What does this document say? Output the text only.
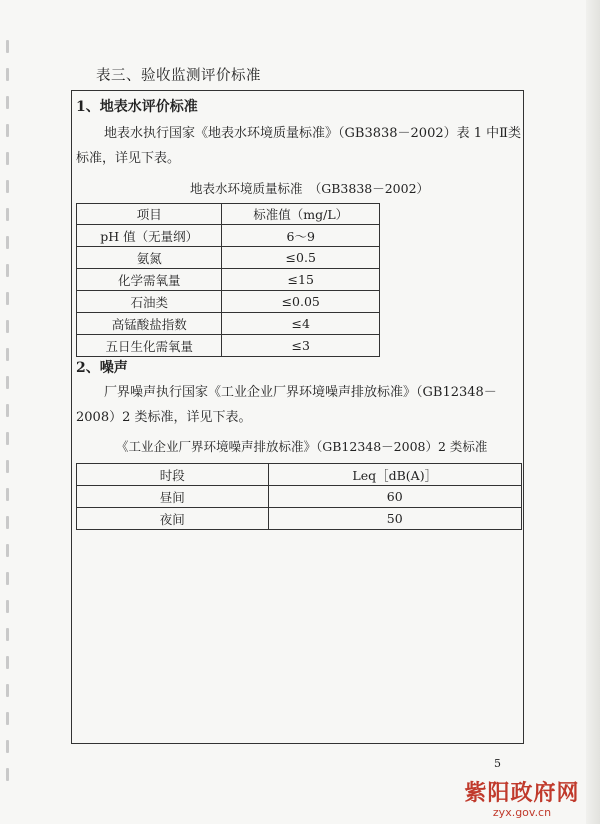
表三、验收监测评价标准
1、地表水评价标准
地表水执行国家《地表水环境质量标准》（GB3838－2002）表 1 中Ⅱ类标准，详见下表。
地表水环境质量标准　（GB3838－2002）
项目	标准值（mg/L）
pH 值（无量纲）	6～9
氨氮	≤0.5
化学需氧量	≤15
石油类	≤0.05
高锰酸盐指数	≤4
五日生化需氧量	≤3
2、噪声
厂界噪声执行国家《工业企业厂界环境噪声排放标准》（GB12348－2008）2 类标准，详见下表。
《工业企业厂界环境噪声排放标准》（GB12348－2008）2 类标准
时段	Leq［dB(A)］
昼间	60
夜间	50
5
紫阳政府网
zyx.gov.cn
